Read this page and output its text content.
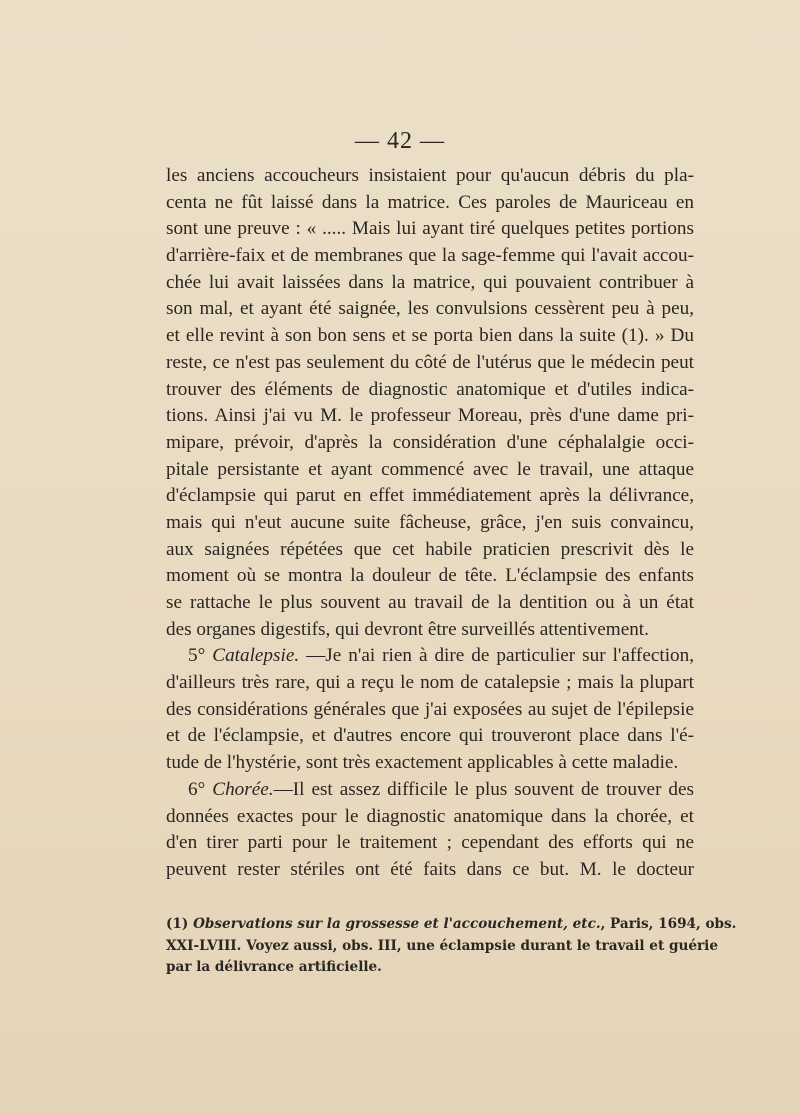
— 42 —
les anciens accoucheurs insistaient pour qu'aucun débris du pla-
centa ne fût laissé dans la matrice. Ces paroles de Mauriceau en
sont une preuve : « ..... Mais lui ayant tiré quelques petites portions
d'arrière-faix et de membranes que la sage-femme qui l'avait accou-
chée lui avait laissées dans la matrice, qui pouvaient contribuer à
son mal, et ayant été saignée, les convulsions cessèrent peu à peu,
et elle revint à son bon sens et se porta bien dans la suite (1). » Du
reste, ce n'est pas seulement du côté de l'utérus que le médecin peut
trouver des éléments de diagnostic anatomique et d'utiles indica-
tions. Ainsi j'ai vu M. le professeur Moreau, près d'une dame pri-
mipare, prévoir, d'après la considération d'une céphalalgie occi-
pitale persistante et ayant commencé avec le travail, une attaque
d'éclampsie qui parut en effet immédiatement après la délivrance,
mais qui n'eut aucune suite fâcheuse, grâce, j'en suis convaincu,
aux saignées répétées que cet habile praticien prescrivit dès le
moment où se montra la douleur de tête. L'éclampsie des enfants
se rattache le plus souvent au travail de la dentition ou à un état
des organes digestifs, qui devront être surveillés attentivement.
5° Catalepsie. —Je n'ai rien à dire de particulier sur l'affection,
d'ailleurs très rare, qui a reçu le nom de catalepsie ; mais la plupart
des considérations générales que j'ai exposées au sujet de l'épilepsie
et de l'éclampsie, et d'autres encore qui trouveront place dans l'é-
tude de l'hystérie, sont très exactement applicables à cette maladie.
6° Chorée.—Il est assez difficile le plus souvent de trouver des
données exactes pour le diagnostic anatomique dans la chorée, et
d'en tirer parti pour le traitement ; cependant des efforts qui ne
peuvent rester stériles ont été faits dans ce but. M. le docteur
(1) Observations sur la grossesse et l'accouchement, etc., Paris, 1694, obs.
XXI-LVIII. Voyez aussi, obs. III, une éclampsie durant le travail et guérie
par la délivrance artificielle.
